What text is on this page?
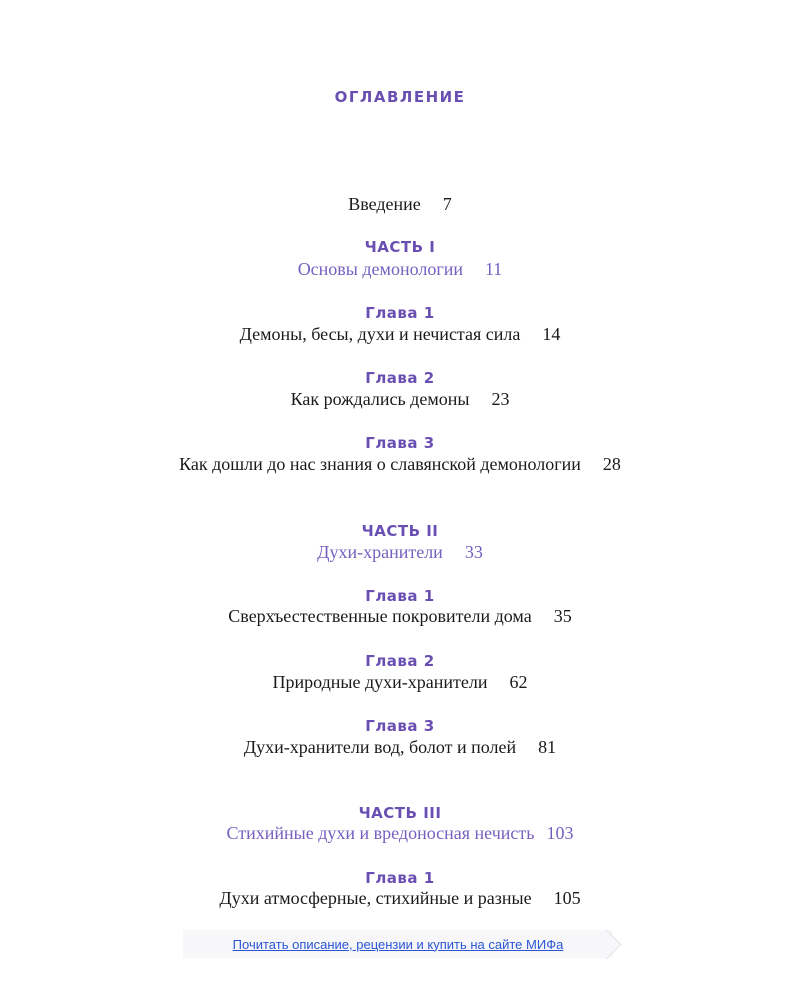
ОГЛАВЛЕНИЕ
Введение 7
ЧАСТЬ I
Основы демонологии 11
Глава 1
Демоны, бесы, духи и нечистая сила 14
Глава 2
Как рождались демоны 23
Глава 3
Как дошли до нас знания о славянской демонологии 28
ЧАСТЬ II
Духи-хранители 33
Глава 1
Сверхъестественные покровители дома 35
Глава 2
Природные духи-хранители 62
Глава 3
Духи-хранители вод, болот и полей 81
ЧАСТЬ III
Стихийные духи и вредоносная нечисть 103
Глава 1
Духи атмосферные, стихийные и разные 105
Почитать описание, рецензии и купить на сайте МИФа
